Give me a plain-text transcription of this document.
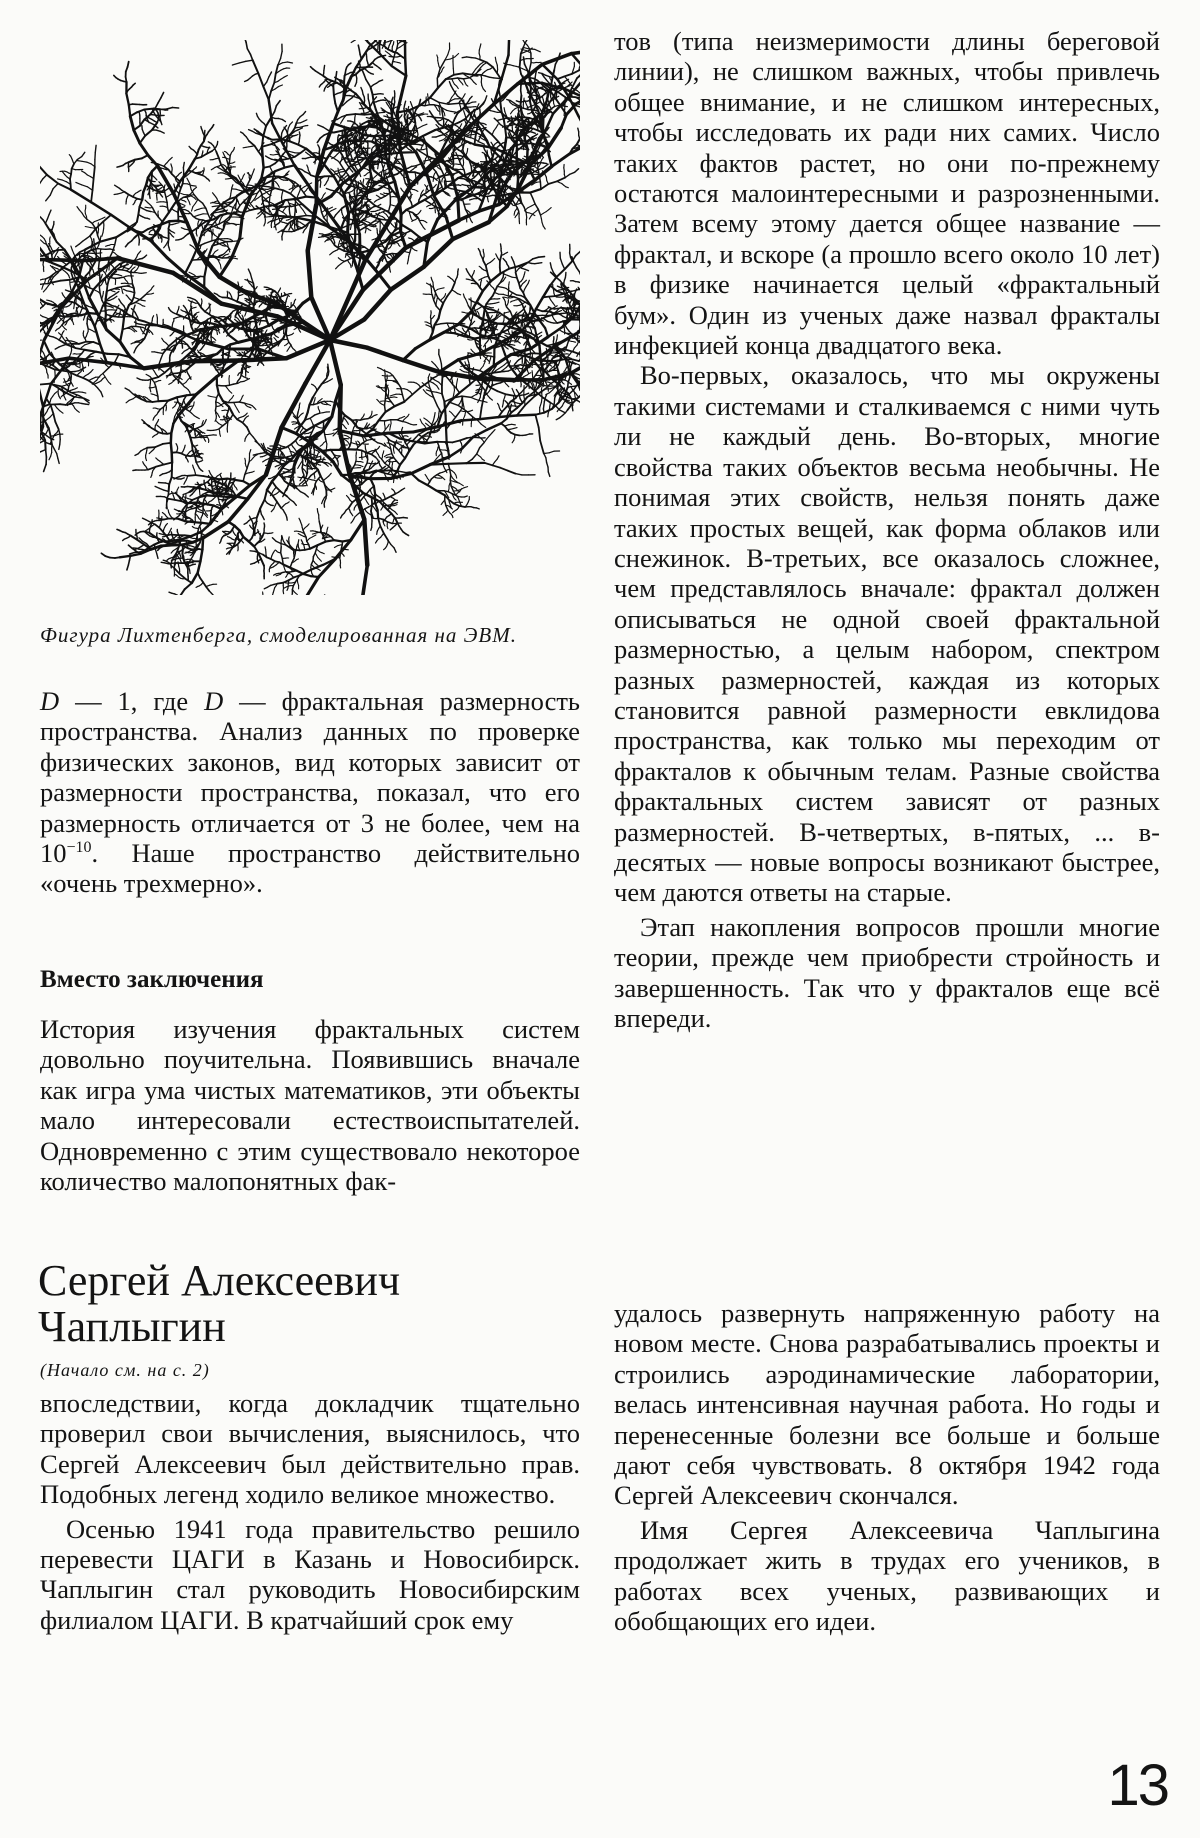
Фигура Лихтенберга, смоделированная на ЭВМ.

D — 1, где D — фрактальная размерность пространства. Анализ данных по проверке физических законов, вид которых зависит от размерности пространства, показал, что его размерность отличается от 3 не более, чем на $10^{-10}$. Наше пространство действительно «очень трехмерно».

Вместо заключения

История изучения фрактальных систем довольно поучительна. Появившись вначале как игра ума чистых математиков, эти объекты мало интересовали естествоиспытателей. Одновременно с этим существовало некоторое количество малопонятных фак-

тов (типа неизмеримости длины береговой линии), не слишком важных, чтобы привлечь общее внимание, и не слишком интересных, чтобы исследовать их ради них самих. Число таких фактов растет, но они по-прежнему остаются малоинтересными и разрозненными. Затем всему этому дается общее название — фрактал, и вскоре (а прошло всего около 10 лет) в физике начинается целый «фрактальный бум». Один из ученых даже назвал фракталы инфекцией конца двадцатого века.

Во-первых, оказалось, что мы окружены такими системами и сталкиваемся с ними чуть ли не каждый день. Во-вторых, многие свойства таких объектов весьма необычны. Не понимая этих свойств, нельзя понять даже таких простых вещей, как форма облаков или снежинок. В-третьих, все оказалось сложнее, чем представлялось вначале: фрактал должен описываться не одной своей фрактальной размерностью, а целым набором, спектром разных размерностей, каждая из которых становится равной размерности евклидова пространства, как только мы переходим от фракталов к обычным телам. Разные свойства фрактальных систем зависят от разных размерностей. В-четвертых, в-пятых, ... в-десятых — новые вопросы возникают быстрее, чем даются ответы на старые.

Этап накопления вопросов прошли многие теории, прежде чем приобрести стройность и завершенность. Так что у фракталов еще всё впереди.

Сергей Алексеевич Чаплыгин
(Начало см. на с. 2)

впоследствии, когда докладчик тщательно проверил свои вычисления, выяснилось, что Сергей Алексеевич был действительно прав. Подобных легенд ходило великое множество.

Осенью 1941 года правительство решило перевести ЦАГИ в Казань и Новосибирск. Чаплыгин стал руководить Новосибирским филиалом ЦАГИ. В кратчайший срок ему

удалось развернуть напряженную работу на новом месте. Снова разрабатывались проекты и строились аэродинамические лаборатории, велась интенсивная научная работа. Но годы и перенесенные болезни все больше и больше дают себя чувствовать. 8 октября 1942 года Сергей Алексеевич скончался.

Имя Сергея Алексеевича Чаплыгина продолжает жить в трудах его учеников, в работах всех ученых, развивающих и обобщающих его идеи.

13
